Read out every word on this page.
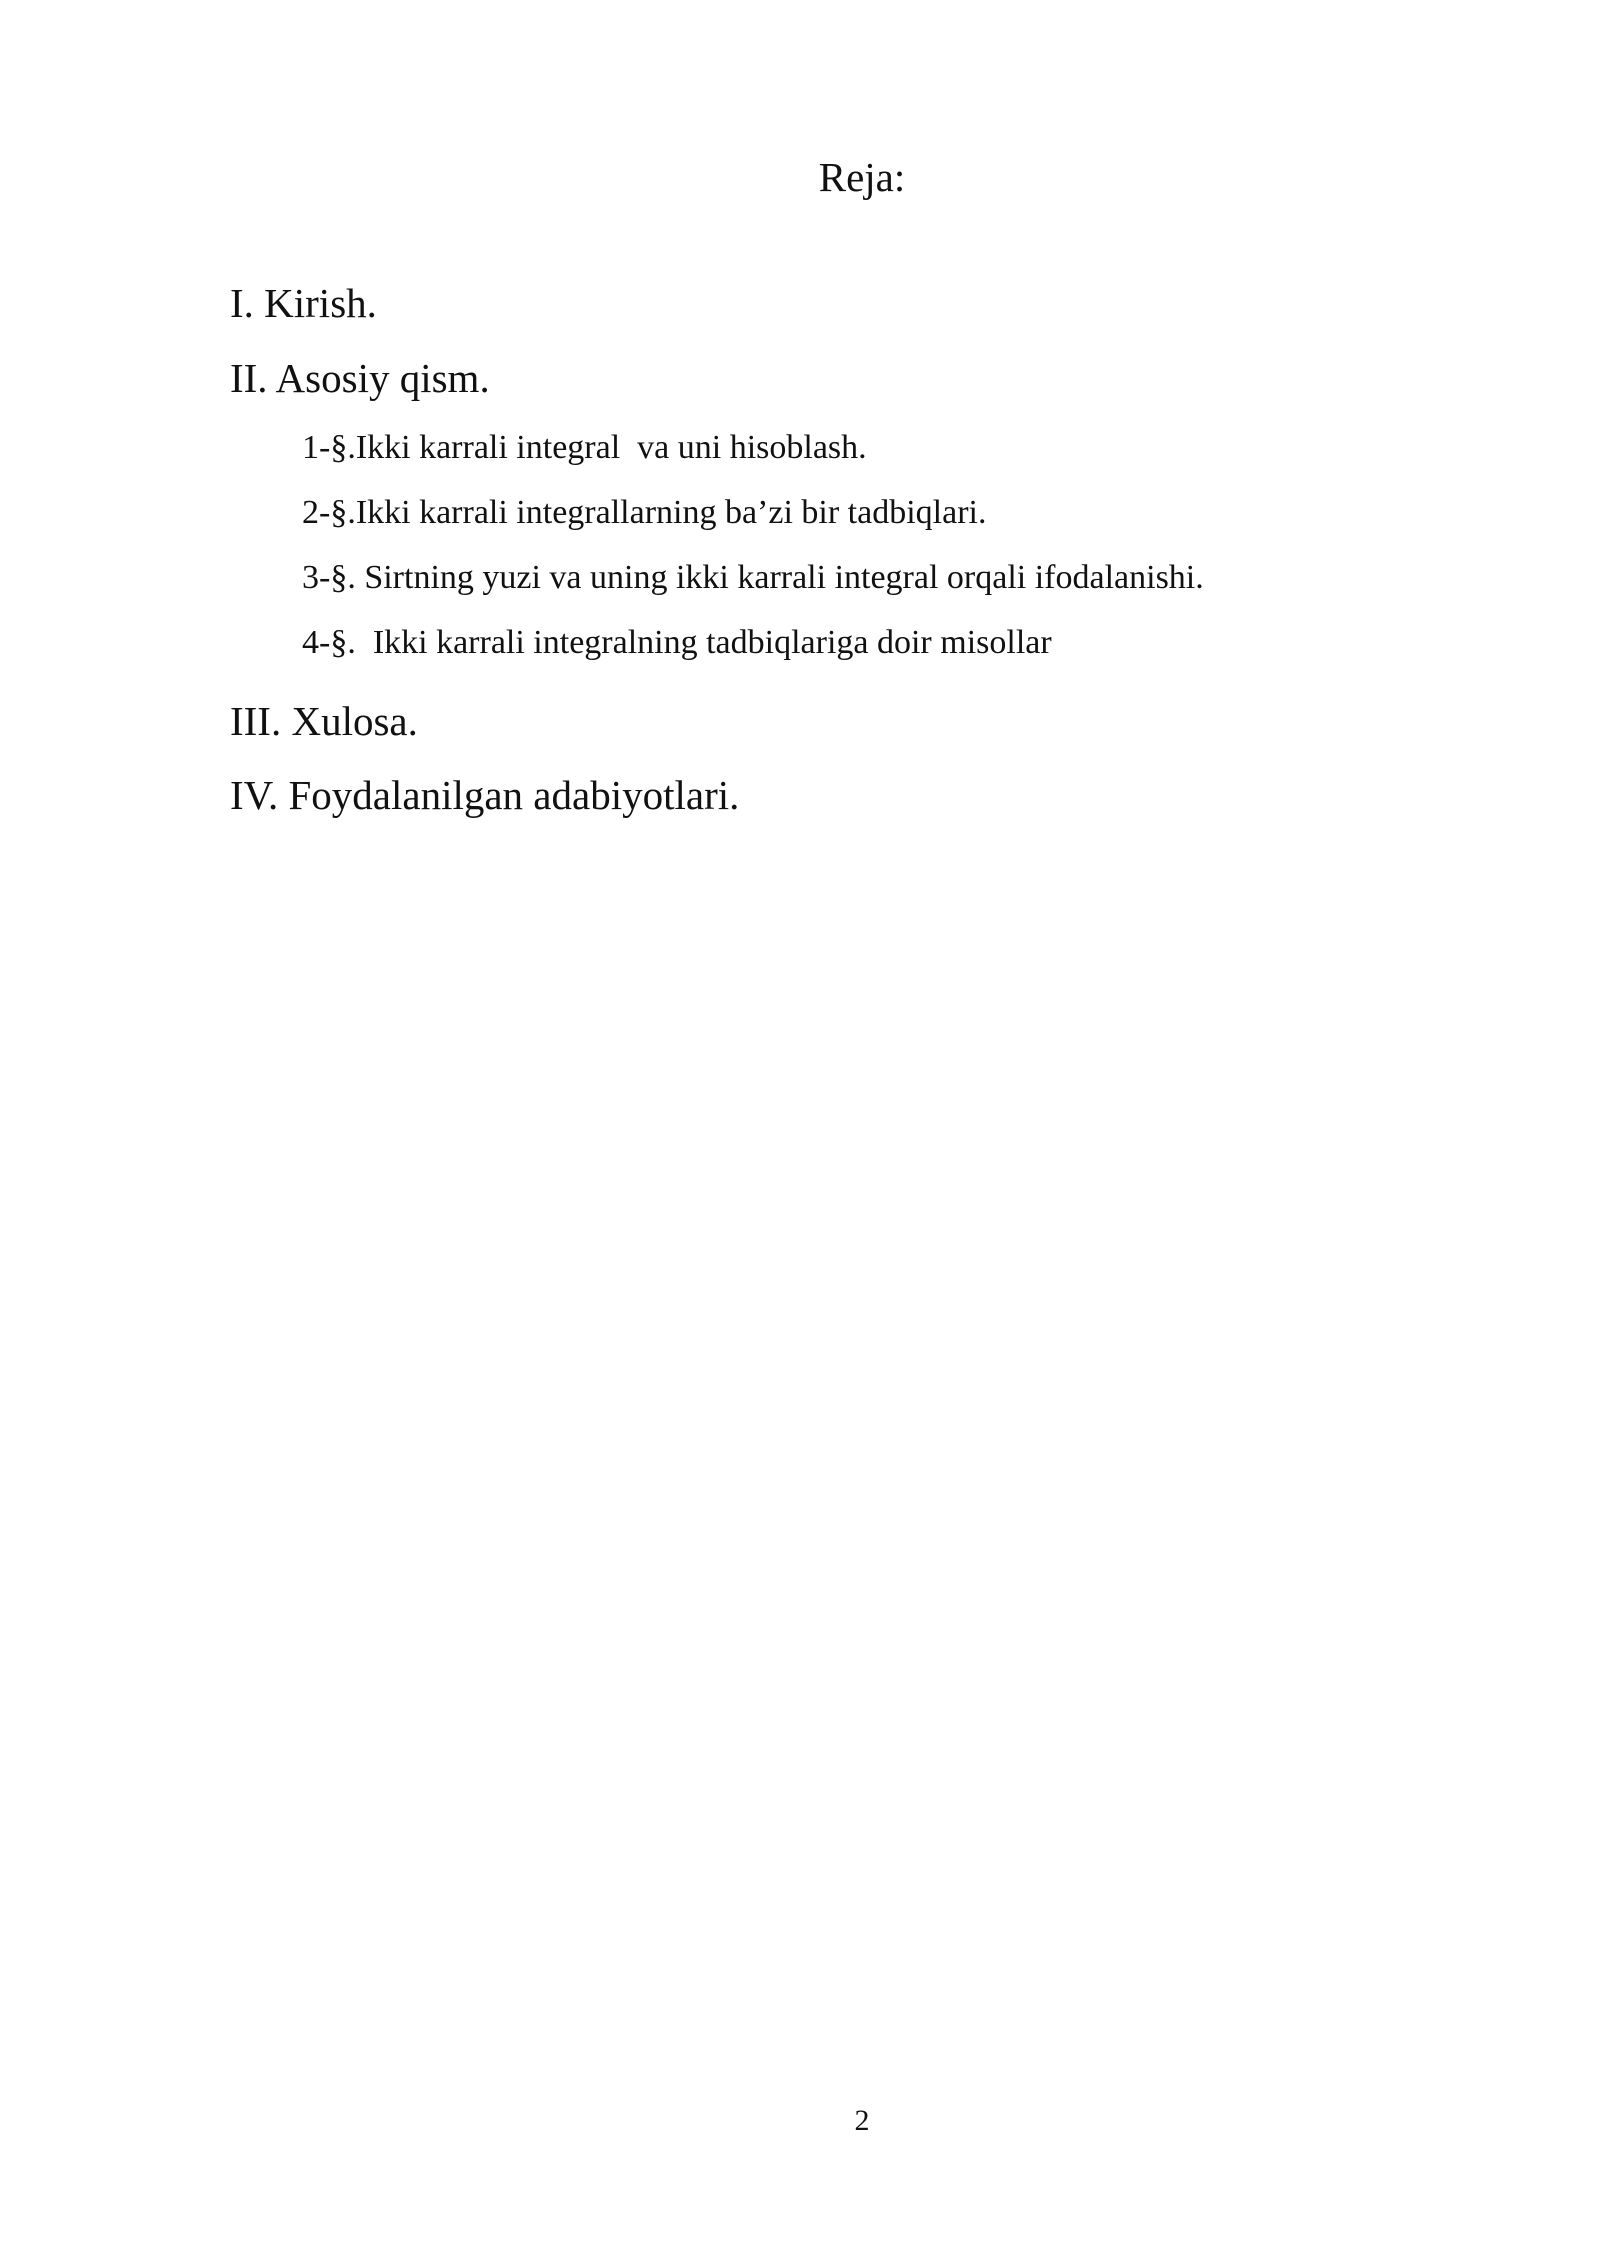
Reja:
I. Kirish.
II. Asosiy qism.
1-§.Ikki karrali integral  va uni hisoblash.
2-§.Ikki karrali integrallarning ba’zi bir tadbiqlari.
3-§. Sirtning yuzi va uning ikki karrali integral orqali ifodalanishi.
4-§.  Ikki karrali integralning tadbiqlariga doir misollar
III. Xulosa.
IV. Foydalanilgan adabiyotlari.
2
